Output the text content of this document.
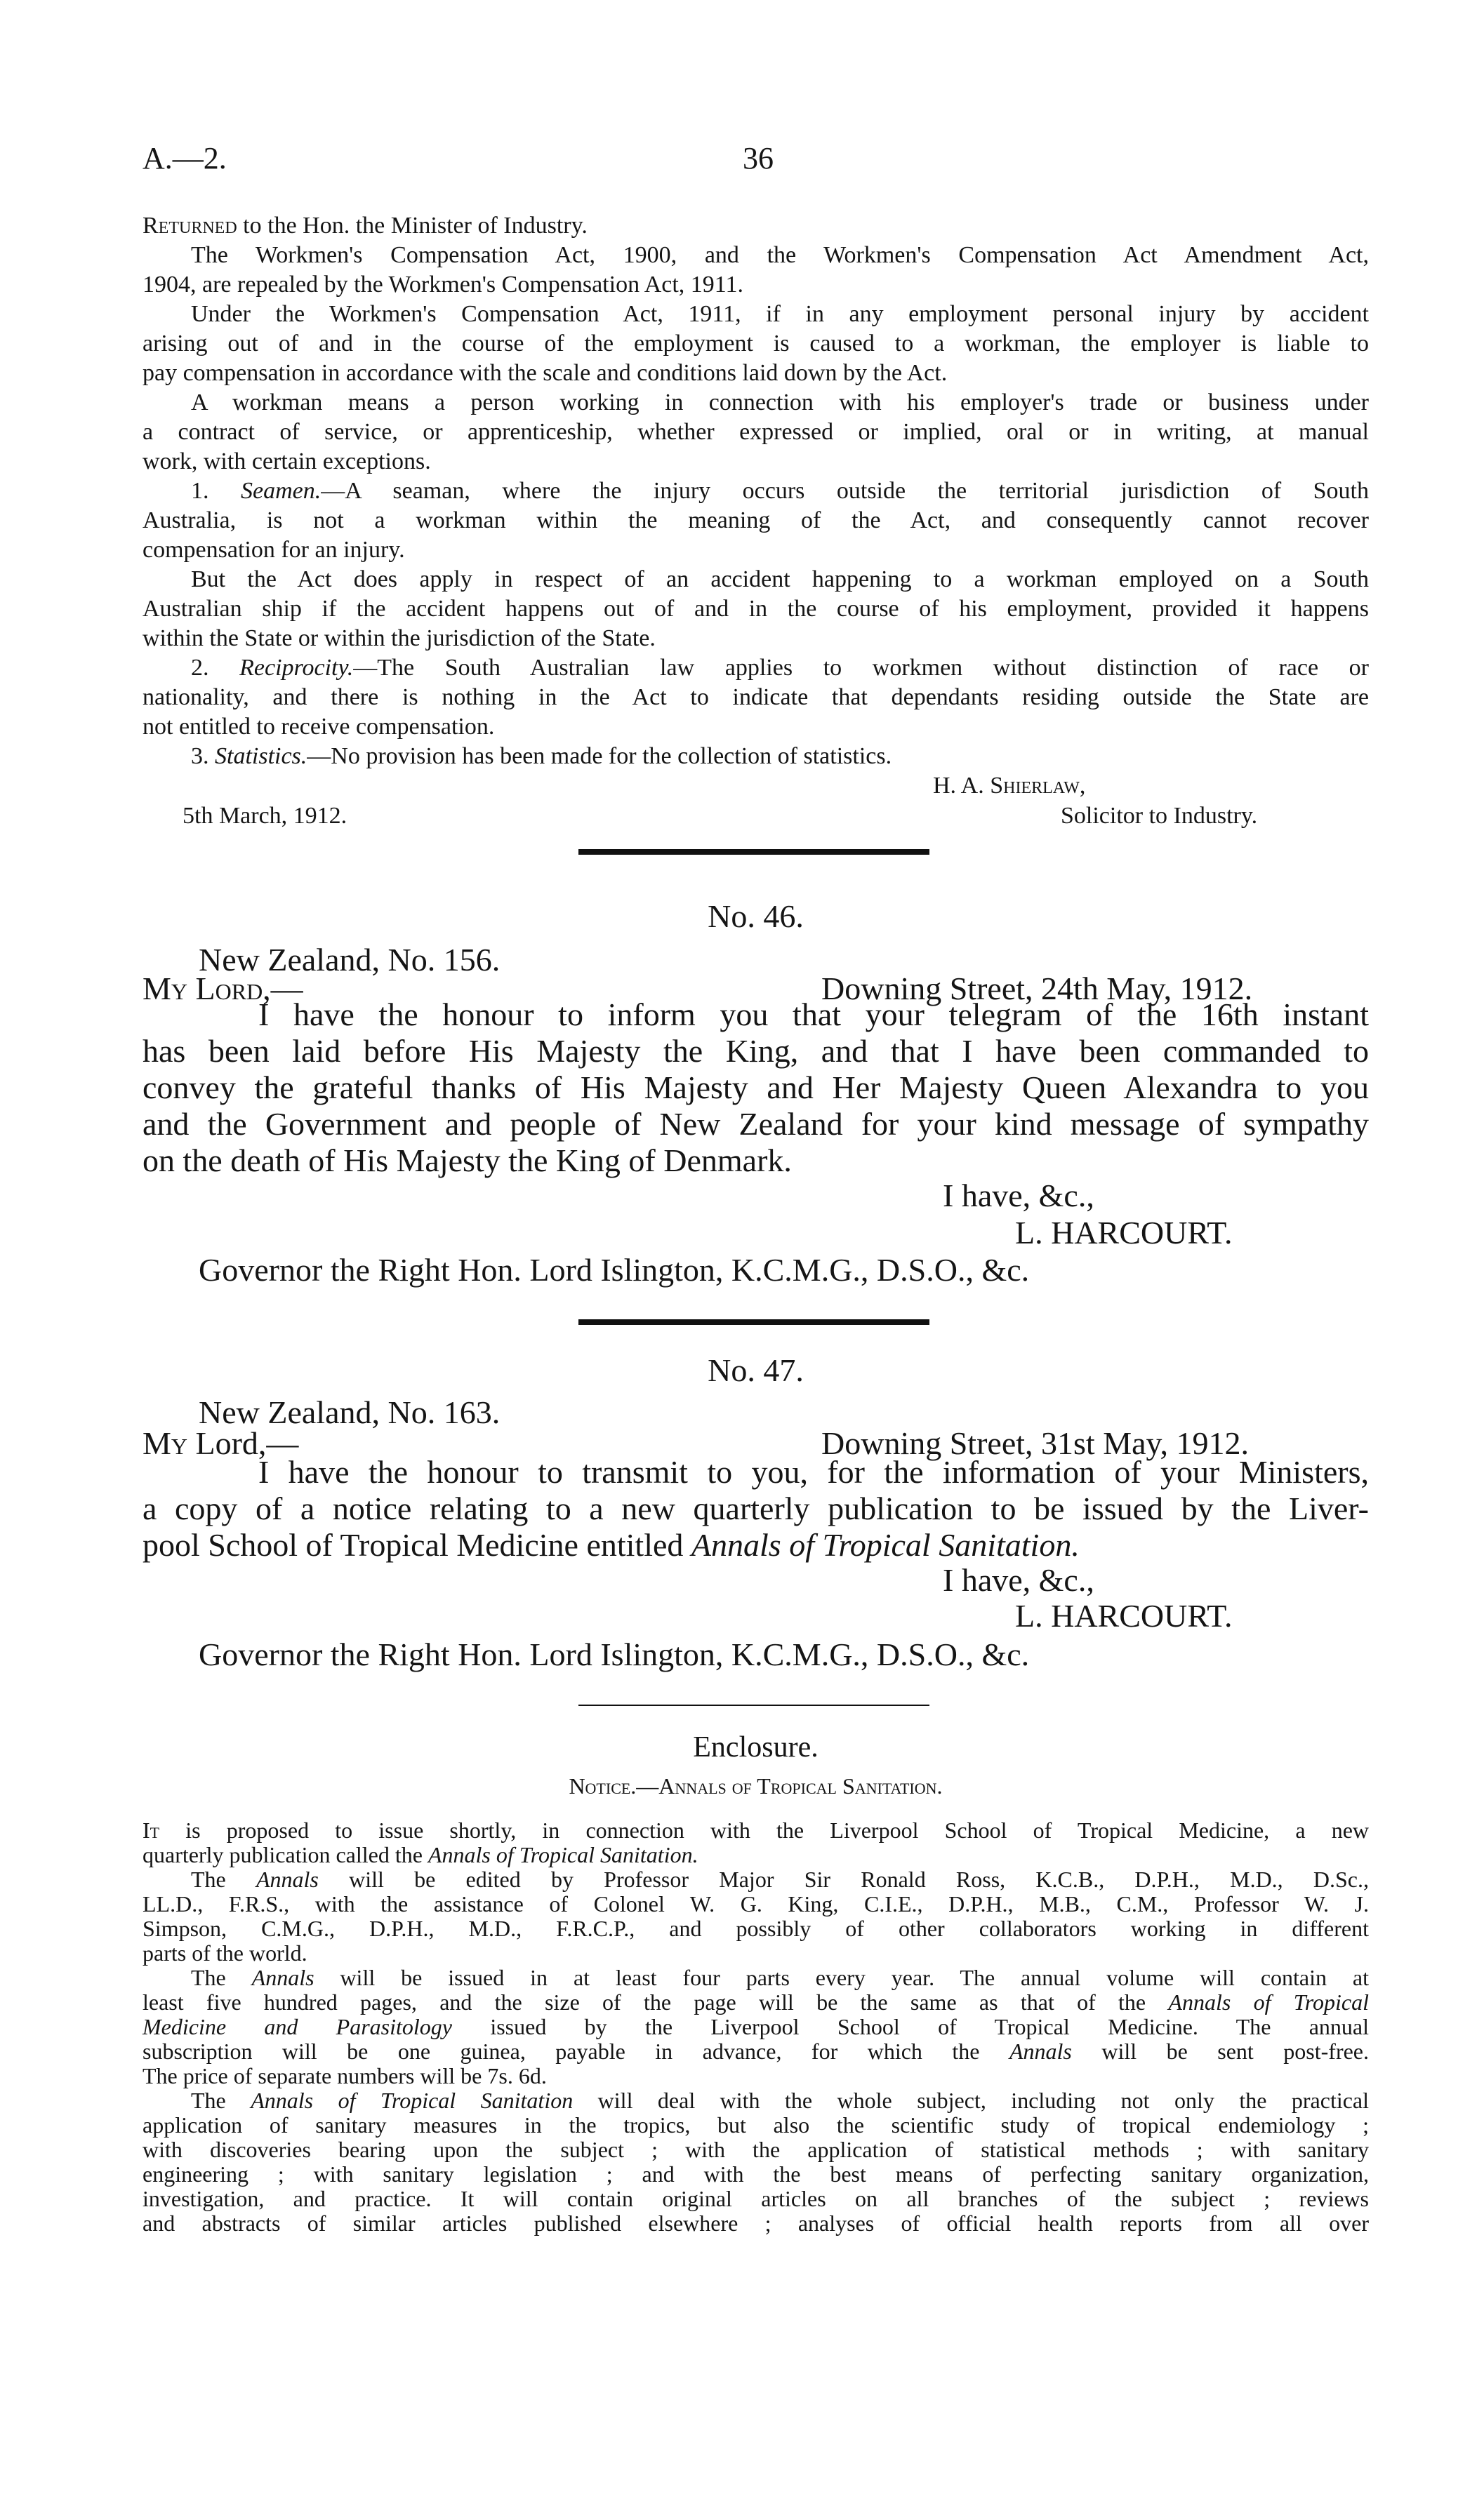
A.—2.	36
Returned to the Hon. the Minister of Industry.
The Workmen's Compensation Act, 1900, and the Workmen's Compensation Act Amendment Act,
1904, are repealed by the Workmen's Compensation Act, 1911.
Under the Workmen's Compensation Act, 1911, if in any employment personal injury by accident
arising out of and in the course of the employment is caused to a workman, the employer is liable to
pay compensation in accordance with the scale and conditions laid down by the Act.
A workman means a person working in connection with his employer's trade or business under
a contract of service, or apprenticeship, whether expressed or implied, oral or in writing, at manual
work, with certain exceptions.
1. Seamen.—A seaman, where the injury occurs outside the territorial jurisdiction of South
Australia, is not a workman within the meaning of the Act, and consequently cannot recover
compensation for an injury.
But the Act does apply in respect of an accident happening to a workman employed on a South
Australian ship if the accident happens out of and in the course of his employment, provided it happens
within the State or within the jurisdiction of the State.
2. Reciprocity.—The South Australian law applies to workmen without distinction of race or
nationality, and there is nothing in the Act to indicate that dependants residing outside the State are
not entitled to receive compensation.
3. Statistics.—No provision has been made for the collection of statistics.
H. A. Shierlaw,
5th March, 1912.	Solicitor to Industry.
No. 46.
New Zealand, No. 156.
My Lord,—	Downing Street, 24th May, 1912.
I have the honour to inform you that your telegram of the 16th instant
has been laid before His Majesty the King, and that I have been commanded to
convey the grateful thanks of His Majesty and Her Majesty Queen Alexandra to you
and the Government and people of New Zealand for your kind message of sympathy
on the death of His Majesty the King of Denmark.
I have, &c.,
L. HARCOURT.
Governor the Right Hon. Lord Islington, K.C.M.G., D.S.O., &c.
No. 47.
New Zealand, No. 163.
My Lord,—	Downing Street, 31st May, 1912.
I have the honour to transmit to you, for the information of your Ministers,
a copy of a notice relating to a new quarterly publication to be issued by the Liver-
pool School of Tropical Medicine entitled Annals of Tropical Sanitation.
I have, &c.,
L. HARCOURT.
Governor the Right Hon. Lord Islington, K.C.M.G., D.S.O., &c.
Enclosure.
Notice.—Annals of Tropical Sanitation.
It is proposed to issue shortly, in connection with the Liverpool School of Tropical Medicine, a new
quarterly publication called the Annals of Tropical Sanitation.
The Annals will be edited by Professor Major Sir Ronald Ross, K.C.B., D.P.H., M.D., D.Sc.,
LL.D., F.R.S., with the assistance of Colonel W. G. King, C.I.E., D.P.H., M.B., C.M., Professor W. J.
Simpson, C.M.G., D.P.H., M.D., F.R.C.P., and possibly of other collaborators working in different
parts of the world.
The Annals will be issued in at least four parts every year. The annual volume will contain at
least five hundred pages, and the size of the page will be the same as that of the Annals of Tropical
Medicine and Parasitology issued by the Liverpool School of Tropical Medicine. The annual
subscription will be one guinea, payable in advance, for which the Annals will be sent post-free.
The price of separate numbers will be 7s. 6d.
The Annals of Tropical Sanitation will deal with the whole subject, including not only the practical
application of sanitary measures in the tropics, but also the scientific study of tropical endemiology ;
with discoveries bearing upon the subject ; with the application of statistical methods ; with sanitary
engineering ; with sanitary legislation ; and with the best means of perfecting sanitary organization,
investigation, and practice. It will contain original articles on all branches of the subject ; reviews
and abstracts of similar articles published elsewhere ; analyses of official health reports from all over
